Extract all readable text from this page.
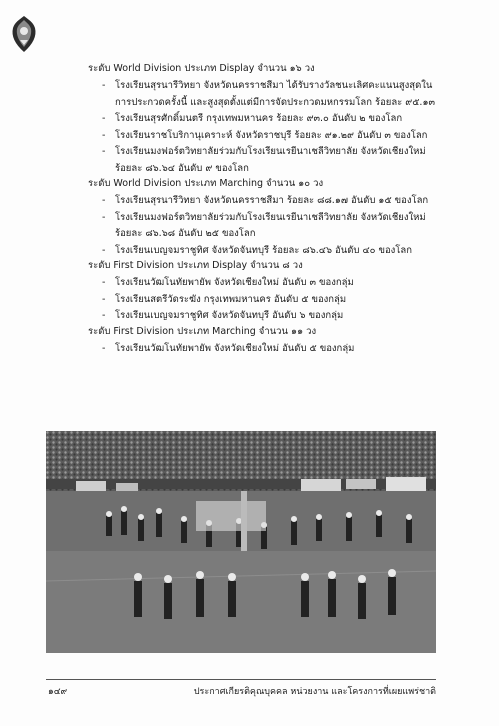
ระดับ World Division ประเภท Display จำนวน ๑๖ วง
- โรงเรียนสุรนารีวิทยา จังหวัดนครราชสีมา ได้รับรางวัลชนะเลิศคะแนนสูงสุดใน
การประกวดครั้งนี้ และสูงสุดตั้งแต่มีการจัดประกวดมหกรรมโลก ร้อยละ ๙๕.๑๓
- โรงเรียนสุรศักดิ์มนตรี กรุงเทพมหานคร ร้อยละ ๙๓.๐ อันดับ ๒ ของโลก
- โรงเรียนราชโบริกานุเคราะห์ จังหวัดราชบุรี ร้อยละ ๙๑.๒๙ อันดับ ๓ ของโลก
- โรงเรียนมงฟอร์ตวิทยาลัยร่วมกับโรงเรียนเรยีนาเชลีวิทยาลัย จังหวัดเชียงใหม่
ร้อยละ ๘๖.๖๔ อันดับ ๙ ของโลก
ระดับ World Division ประเภท Marching จำนวน ๑๐ วง
- โรงเรียนสุรนารีวิทยา จังหวัดนครราชสีมา ร้อยละ ๘๘.๑๗ อันดับ ๑๕ ของโลก
- โรงเรียนมงฟอร์ตวิทยาลัยร่วมกับโรงเรียนเรยีนาเชลีวิทยาลัย จังหวัดเชียงใหม่
ร้อยละ ๘๖.๖๘ อันดับ ๒๕ ของโลก
- โรงเรียนเบญจมราชูทิศ จังหวัดจันทบุรี ร้อยละ ๘๖.๔๖ อันดับ ๔๐ ของโลก
ระดับ First Division ประเภท Display จำนวน ๘ วง
- โรงเรียนวัฒโนทัยพายัพ จังหวัดเชียงใหม่ อันดับ ๓ ของกลุ่ม
- โรงเรียนสตรีวัดระฆัง กรุงเทพมหานคร อันดับ ๕ ของกลุ่ม
- โรงเรียนเบญจมราชูทิศ จังหวัดจันทบุรี อันดับ ๖ ของกลุ่ม
ระดับ First Division ประเภท Marching จำนวน ๑๑ วง
- โรงเรียนวัฒโนทัยพายัพ จังหวัดเชียงใหม่ อันดับ ๕ ของกลุ่ม
๑๔๙	ประกาศเกียรติคุณบุคคล หน่วยงาน และโครงการที่เผยแพร่ชาติ
